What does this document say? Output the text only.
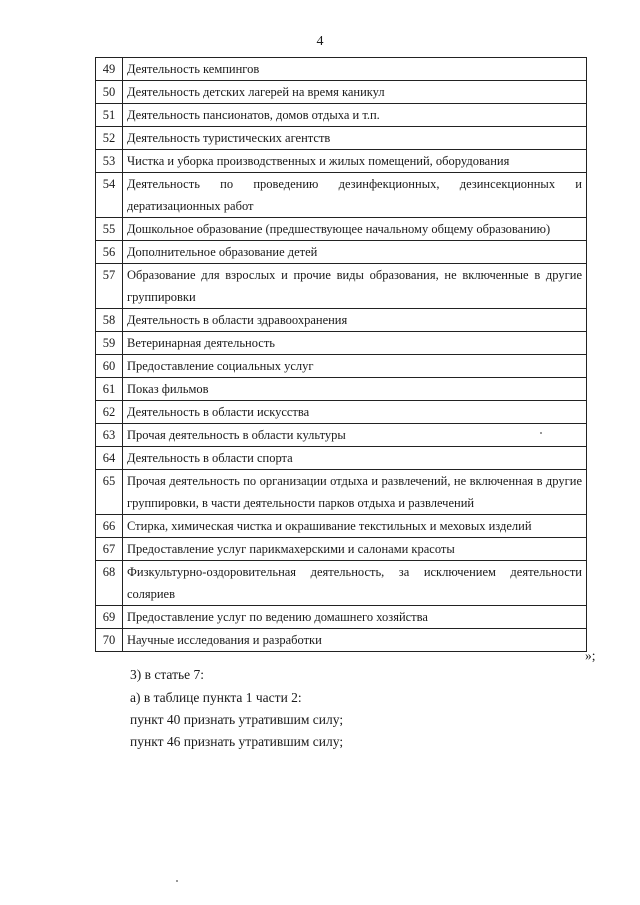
4
49	Деятельность кемпингов
50	Деятельность детских лагерей на время каникул
51	Деятельность пансионатов, домов отдыха и т.п.
52	Деятельность туристических агентств
53	Чистка и уборка производственных и жилых помещений, оборудования
54	Деятельность по проведению дезинфекционных, дезинсекционных и дератизационных работ
55	Дошкольное образование (предшествующее начальному общему образованию)
56	Дополнительное образование детей
57	Образование для взрослых и прочие виды образования, не включенные в другие группировки
58	Деятельность в области здравоохранения
59	Ветеринарная деятельность
60	Предоставление социальных услуг
61	Показ фильмов
62	Деятельность в области искусства
63	Прочая деятельность в области культуры
64	Деятельность в области спорта
65	Прочая деятельность по организации отдыха и развлечений, не включенная в другие группировки, в части деятельности парков отдыха и развлечений
66	Стирка, химическая чистка и окрашивание текстильных и меховых изделий
67	Предоставление услуг парикмахерскими и салонами красоты
68	Физкультурно-оздоровительная деятельность, за исключением деятельности соляриев
69	Предоставление услуг по ведению домашнего хозяйства
70	Научные исследования и разработки
»;
3) в статье 7:
а) в таблице пункта 1 части 2:
пункт 40 признать утратившим силу;
пункт 46 признать утратившим силу;
